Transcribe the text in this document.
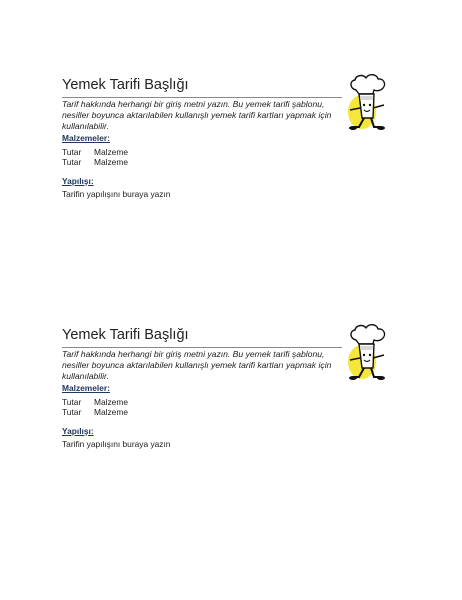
Yemek Tarifi Başlığı
Tarif hakkında herhangi bir giriş metni yazın. Bu yemek tarifi şablonu, nesiller boyunca aktarılabilen kullanışlı yemek tarifi kartları yapmak için kullanılabilir.
Malzemeler:
Tutar	Malzeme
Tutar	Malzeme
Yapılışı:
Tarifin yapılışını buraya yazın
Yemek Tarifi Başlığı
Tarif hakkında herhangi bir giriş metni yazın. Bu yemek tarifi şablonu, nesiller boyunca aktarılabilen kullanışlı yemek tarifi kartları yapmak için kullanılabilir.
Malzemeler:
Tutar	Malzeme
Tutar	Malzeme
Yapılışı:
Tarifin yapılışını buraya yazın
